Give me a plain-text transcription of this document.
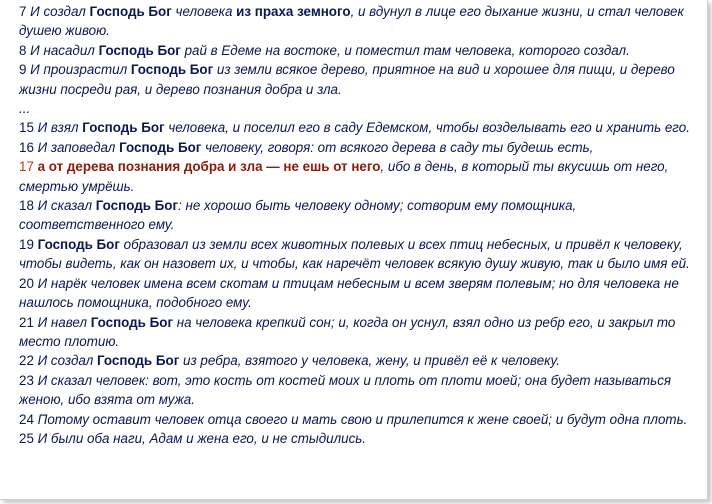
7 И создал Господь Бог человека из праха земного, и вдунул в лице его дыхание жизни, и стал человек душею живою.
8 И насадил Господь Бог рай в Едеме на востоке, и поместил там человека, которого создал.
9 И произрастил Господь Бог из земли всякое дерево, приятное на вид и хорошее для пищи, и дерево жизни посреди рая, и дерево познания добра и зла.
...
15 И взял Господь Бог человека, и поселил его в саду Едемском, чтобы возделывать его и хранить его.
16 И заповедал Господь Бог человеку, говоря: от всякого дерева в саду ты будешь есть,
17 а от дерева познания добра и зла — не ешь от него, ибо в день, в который ты вкусишь от него, смертью умрёшь.
18 И сказал Господь Бог: не хорошо быть человеку одному; сотворим ему помощника, соответственного ему.
19 Господь Бог образовал из земли всех животных полевых и всех птиц небесных, и привёл к человеку, чтобы видеть, как он назовет их, и чтобы, как наречёт человек всякую душу живую, так и было имя ей.
20 И нарёк человек имена всем скотам и птицам небесным и всем зверям полевым; но для человека не нашлось помощника, подобного ему.
21 И навел Господь Бог на человека крепкий сон; и, когда он уснул, взял одно из ребр его, и закрыл то место плотию.
22 И создал Господь Бог из ребра, взятого у человека, жену, и привёл её к человеку.
23 И сказал человек: вот, это кость от костей моих и плоть от плоти моей; она будет называться женою, ибо взята от мужа.
24 Потому оставит человек отца своего и мать свою и прилепится к жене своей; и будут одна плоть.
25 И были оба наги, Адам и жена его, и не стыдились.
